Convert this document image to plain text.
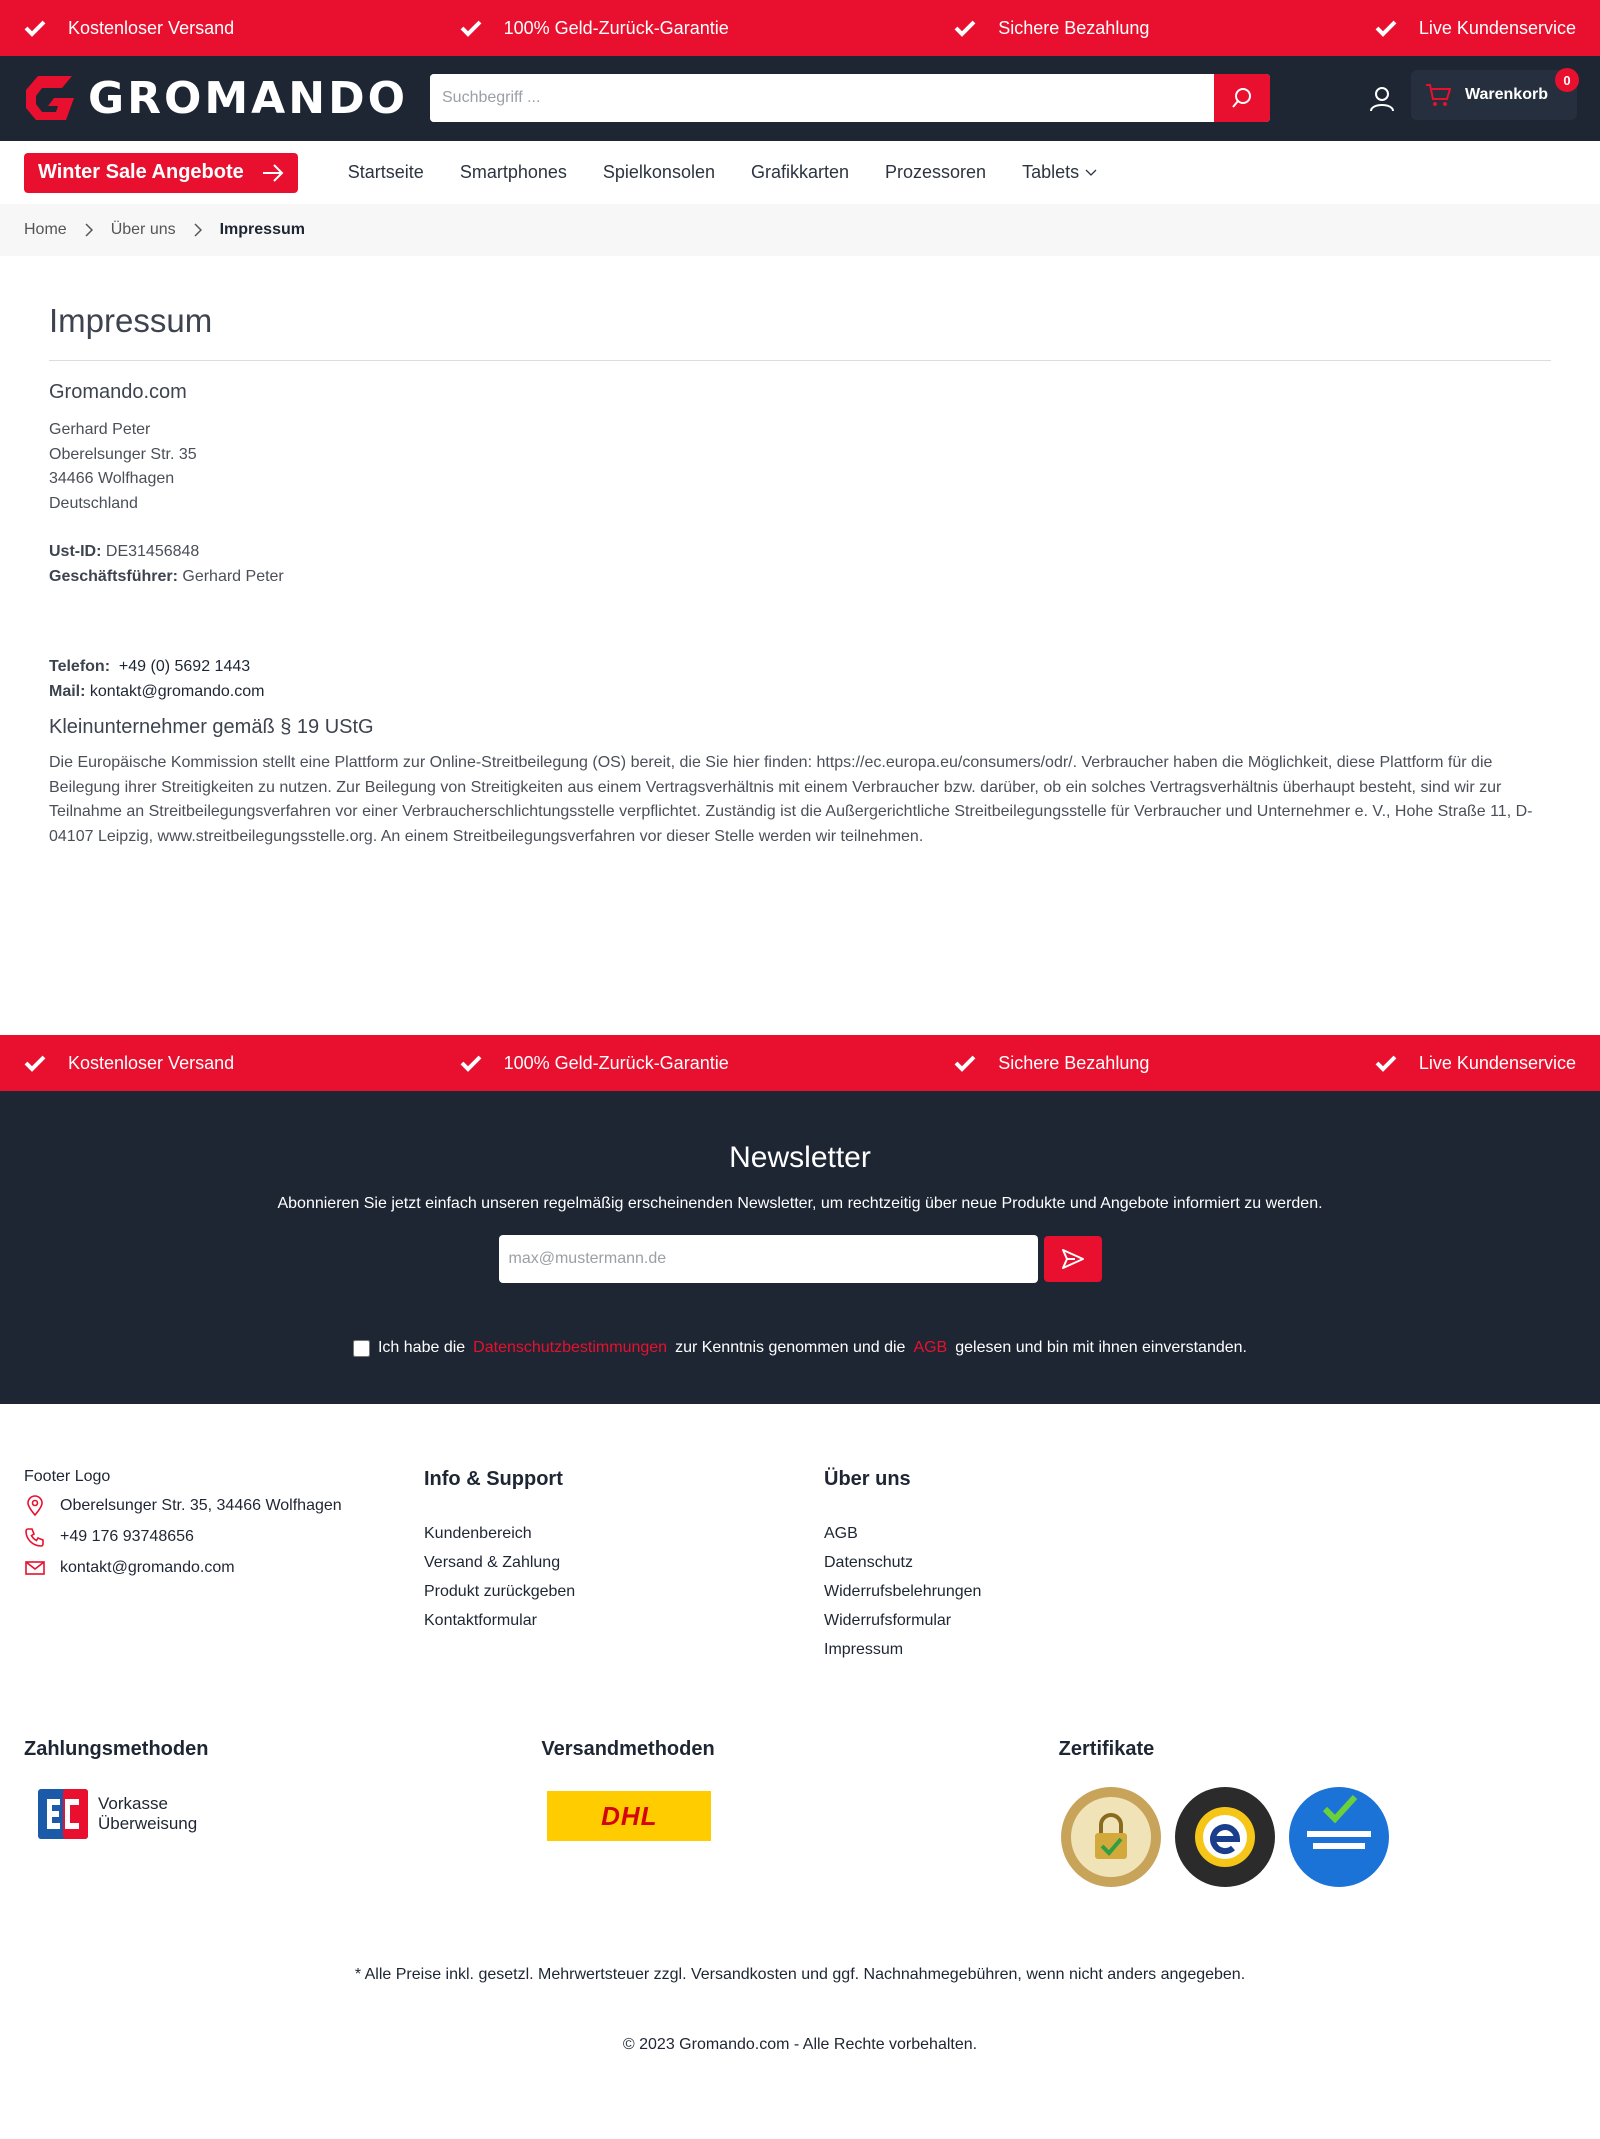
Kostenloser Versand	100% Geld-Zurück-Garantie	Sichere Bezahlung	Live Kundenservice
GROMANDO
Suchbegriff ...	Warenkorb
0
Winter Sale Angebote	Startseite Smartphones Spielkonsolen Grafikkarten Prozessoren Tablets
Home	Über uns	Impressum
Impressum
Gromando.com
Gerhard Peter
Oberelsunger Str. 35
34466 Wolfhagen
Deutschland
Ust-ID: DE31456848
Geschäftsführer: Gerhard Peter
Telefon: +49 (0) 5692 1443
Mail: kontakt@gromando.com
Kleinunternehmer gemäß § 19 UStG

Die Europäische Kommission stellt eine Plattform zur Online-Streitbeilegung (OS) bereit, die Sie hier finden: https://ec.europa.eu/consumers/odr/. Verbraucher haben die Möglichkeit, diese Plattform für die Beilegung ihrer Streitigkeiten zu nutzen. Zur Beilegung von Streitigkeiten aus einem Vertragsverhältnis mit einem Verbraucher bzw. darüber, ob ein solches Vertragsverhältnis überhaupt besteht, sind wir zur Teilnahme an Streitbeilegungsverfahren vor einer Verbraucherschlichtungsstelle verpflichtet. Zuständig ist die Außergerichtliche Streitbeilegungsstelle für Verbraucher und Unternehmer e. V., Hohe Straße 11, D-04107 Leipzig, www.streitbeilegungsstelle.org. An einem Streitbeilegungsverfahren vor dieser Stelle werden wir teilnehmen.

Kostenloser Versand	100% Geld-Zurück-Garantie	Sichere Bezahlung	Live Kundenservice
Newsletter

Abonnieren Sie jetzt einfach unseren regelmäßig erscheinenden Newsletter, um rechtzeitig über neue Produkte und Angebote informiert zu werden.

max@mustermann.de
Ich habe die Datenschutzbestimmungen zur Kenntnis genommen und die AGB gelesen und bin mit ihnen einverstanden.
Footer Logo
Oberelsunger Str. 35, 34466 Wolfhagen
+49 176 93748656
kontakt@gromando.com
Info & Support
Kundenbereich
Versand & Zahlung
Produkt zurückgeben
Kontaktformular
Über uns
AGB
Datenschutz
Widerrufsbelehrungen
Widerrufsformular
Impressum
Zahlungsmethoden
Vorkasse
Überweisung
Versandmethoden
DHL
Zertifikate

* Alle Preise inkl. gesetzl. Mehrwertsteuer zzgl. Versandkosten und ggf. Nachnahmegebühren, wenn nicht anders angegeben.

© 2023 Gromando.com - Alle Rechte vorbehalten.
